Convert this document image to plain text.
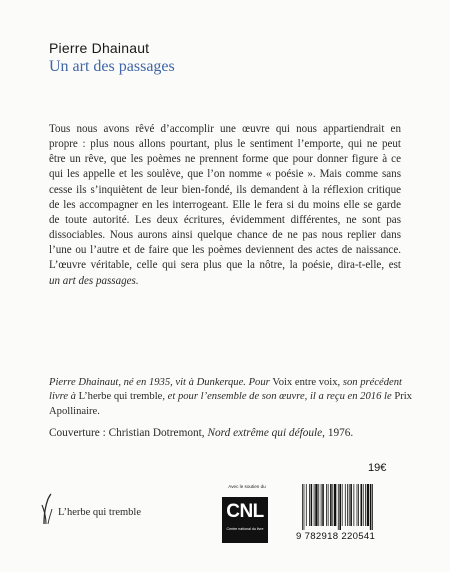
Pierre Dhainaut
Un art des passages
Tous nous avons rêvé d’accomplir une œuvre qui nous appartiendrait en
propre : plus nous allons pourtant, plus le sentiment l’emporte, qui ne peut
être un rêve, que les poèmes ne prennent forme que pour donner figure à ce
qui les appelle et les soulève, que l’on nomme « poésie ». Mais comme sans
cesse ils s’inquiètent de leur bien-fondé, ils demandent à la réflexion critique
de les accompagner en les interrogeant. Elle le fera si du moins elle se garde
de toute autorité. Les deux écritures, évidemment différentes, ne sont pas
dissociables. Nous aurons ainsi quelque chance de ne pas nous replier dans
l’une ou l’autre et de faire que les poèmes deviennent des actes de naissance.
L’œuvre véritable, celle qui sera plus que la nôtre, la poésie, dira-t-elle, est
un art des passages.
Pierre Dhainaut, né en 1935, vit à Dunkerque. Pour Voix entre voix, son précédent
livre à L’herbe qui tremble, et pour l’ensemble de son œuvre, il a reçu en 2016 le Prix
Apollinaire.
Couverture : Christian Dotremont, Nord extrême qui défoule, 1976.
19€
L’herbe qui tremble
Avec le soutien du
CNL
Centre national du livre
9 782918 220541
